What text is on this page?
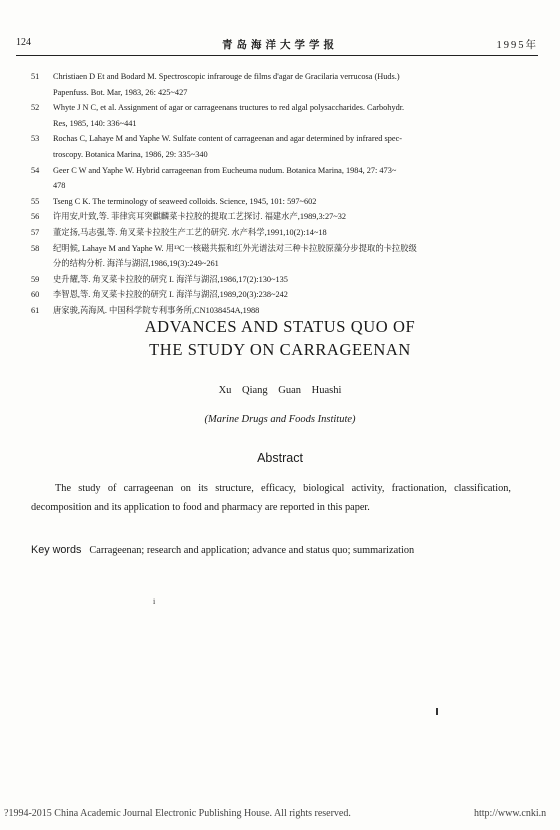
124	青岛海洋大学学报	1995年
51 Christiaen D Et and Bodard M. Spectroscopic infrarouge de films d'agar de Gracilaria verrucosa (Huds.)
Papenfuss. Bot. Mar, 1983, 26: 425~427
52 Whyte J N C, et al. Assignment of agar or carrageenans tructures to red algal polysaccharides. Carbohydr.
Res, 1985, 140: 336~441
53 Rochas C, Lahaye M and Yaphe W. Sulfate content of carrageenan and agar determined by infrared spec-
troscopy. Botanica Marina, 1986, 29: 335~340
54 Geer C W and Yaphe W. Hybrid carrageenan from Eucheuma nudum. Botanica Marina, 1984, 27: 473~
478
55 Tseng C K. The terminology of seaweed colloids. Science, 1945, 101: 597~602
56 许用安,叶致,等. 菲律宾耳突麒麟菜卡拉胶的提取工艺探讨. 福建水产,1989,3:27~32
57 董定扬,马志强,等. 角叉菜卡拉胶生产工艺的研究. 水产科学,1991,10(2):14~18
58 纪明候, Lahaye M and Yaphe W. 用¹³C一核磁共振和红外光谱法对三种卡拉胶原藻分步提取的卡拉胶级
分的结构分析. 海洋与湖沼,1986,19(3):249~261
59 史升耀,等. 角叉菜卡拉胶的研究 I. 海洋与湖沼,1986,17(2):130~135
60 李智恩,等. 角叉菜卡拉胶的研究 I. 海洋与湖沼,1989,20(3):238~242
61 唐家骏,芮海风. 中国科学院专利事务所,CN1038454A,1988
ADVANCES AND STATUS QUO OF
THE STUDY ON CARRAGEENAN
Xu Qiang Guan Huashi
(Marine Drugs and Foods Institute)
Abstract
The study of carrageenan on its structure, efficacy, biological activity, fractionation, classification, decomposition and its application to food and pharmacy are reported in this paper.
Key words Carrageenan; research and application; advance and status quo; summarization
i
?1994-2015 China Academic Journal Electronic Publishing House. All rights reserved.	http://www.cnki.n
